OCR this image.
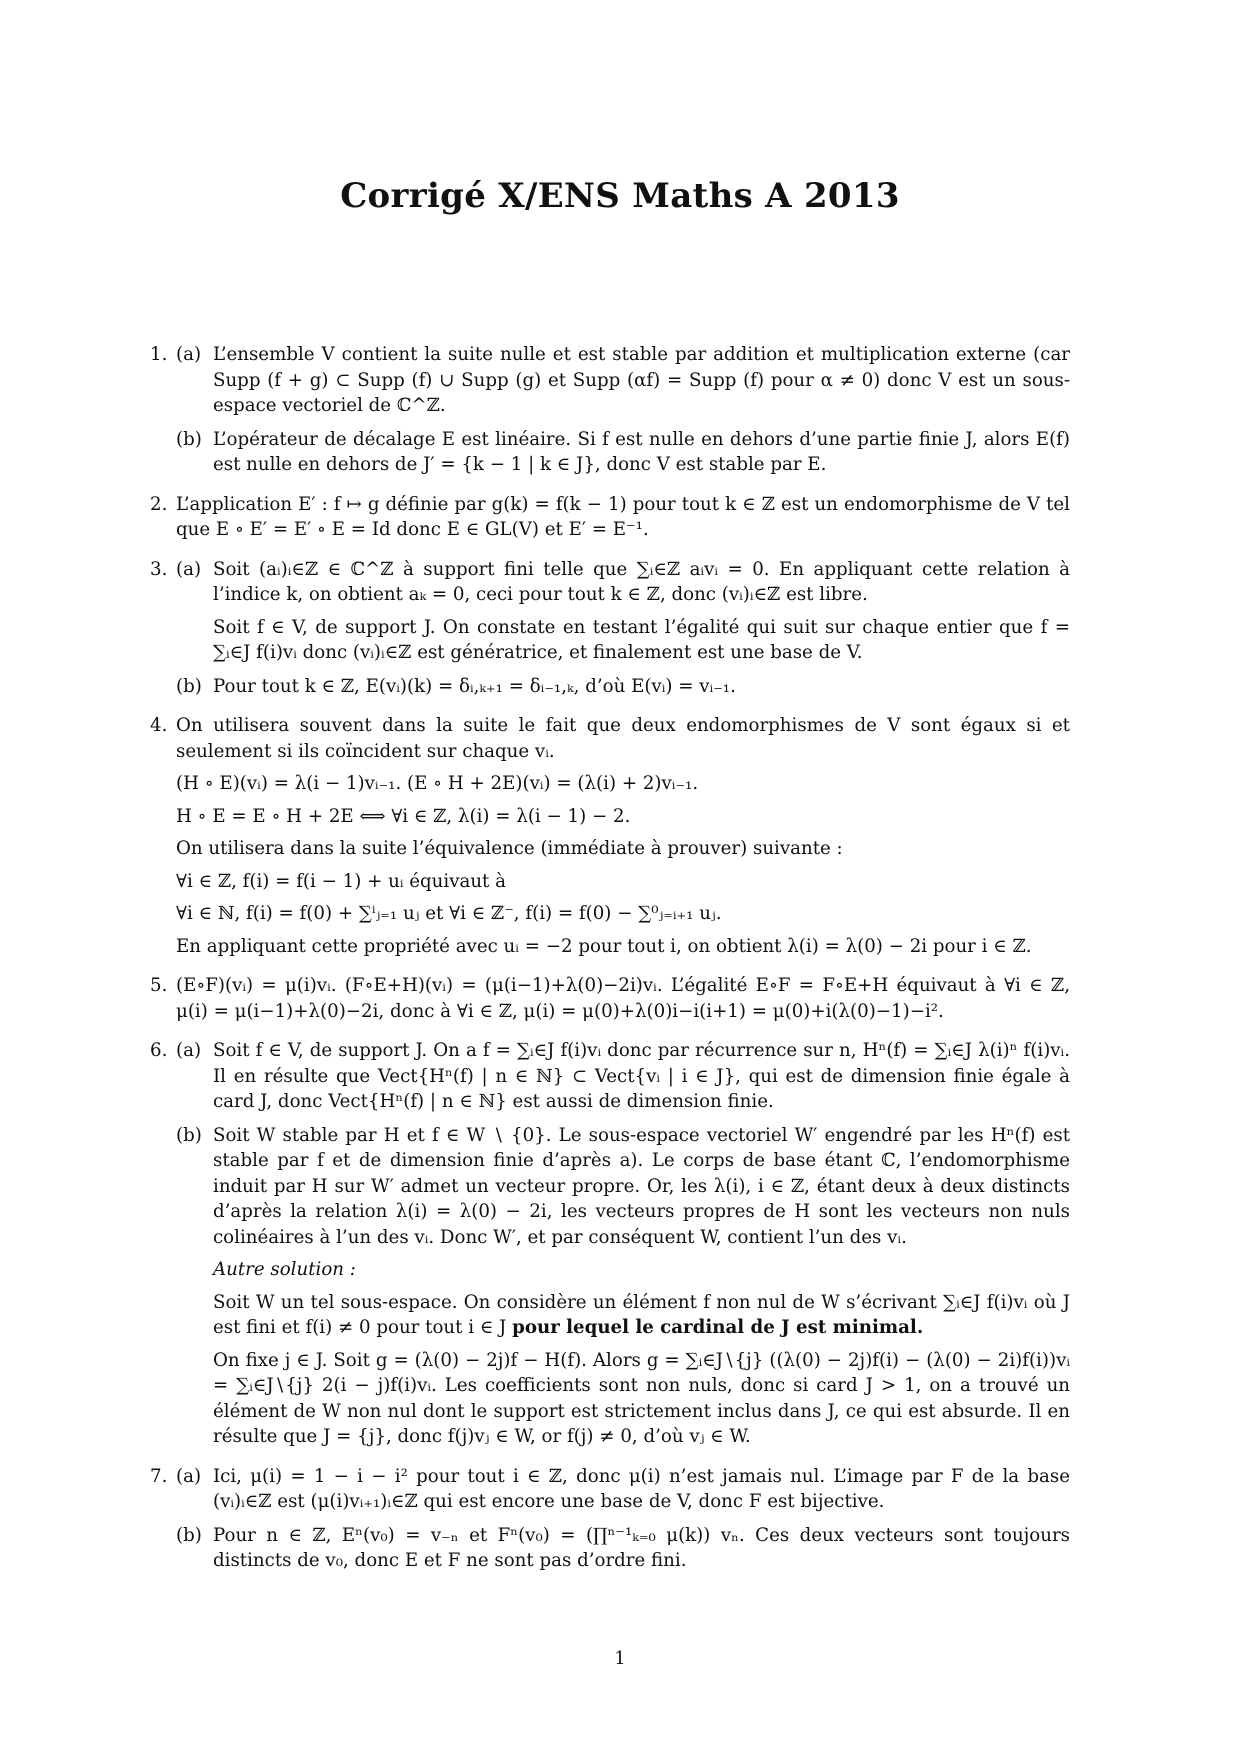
Corrigé X/ENS Maths A 2013
1. (a) L’ensemble V contient la suite nulle et est stable par addition et multiplication externe (car Supp (f + g) ⊂ Supp (f) ∪ Supp (g) et Supp (αf) = Supp (f) pour α ≠ 0) donc V est un sous-espace vectoriel de ℂ^ℤ.

(b) L’opérateur de décalage E est linéaire. Si f est nulle en dehors d’une partie finie J, alors E(f) est nulle en dehors de J′ = {k − 1 | k ∈ J}, donc V est stable par E.

2. L’application E′ : f ↦ g définie par g(k) = f(k − 1) pour tout k ∈ ℤ est un endomorphisme de V tel que E ∘ E′ = E′ ∘ E = Id donc E ∈ GL(V) et E′ = E⁻¹.

3. (a) Soit (aᵢ)ᵢ∈ℤ ∈ ℂ^ℤ à support fini telle que ∑ᵢ∈ℤ aᵢvᵢ = 0. En appliquant cette relation à l’indice k, on obtient aₖ = 0, ceci pour tout k ∈ ℤ, donc (vᵢ)ᵢ∈ℤ est libre.

Soit f ∈ V, de support J. On constate en testant l’égalité qui suit sur chaque entier que f = ∑ᵢ∈J f(i)vᵢ donc (vᵢ)ᵢ∈ℤ est génératrice, et finalement est une base de V.

(b) Pour tout k ∈ ℤ, E(vᵢ)(k) = δᵢ,ₖ₊₁ = δᵢ₋₁,ₖ, d’où E(vᵢ) = vᵢ₋₁.

4. On utilisera souvent dans la suite le fait que deux endomorphismes de V sont égaux si et seulement si ils coïncident sur chaque vᵢ.

(H ∘ E)(vᵢ) = λ(i − 1)vᵢ₋₁. (E ∘ H + 2E)(vᵢ) = (λ(i) + 2)vᵢ₋₁.

H ∘ E = E ∘ H + 2E ⟺ ∀i ∈ ℤ, λ(i) = λ(i − 1) − 2.

On utilisera dans la suite l’équivalence (immédiate à prouver) suivante :

∀i ∈ ℤ, f(i) = f(i − 1) + uᵢ équivaut à

∀i ∈ ℕ, f(i) = f(0) + ∑ⁱⱼ₌₁ uⱼ et ∀i ∈ ℤ⁻, f(i) = f(0) − ∑⁰ⱼ₌ᵢ₊₁ uⱼ.

En appliquant cette propriété avec uᵢ = −2 pour tout i, on obtient λ(i) = λ(0) − 2i pour i ∈ ℤ.

5. (E∘F)(vᵢ) = μ(i)vᵢ. (F∘E+H)(vᵢ) = (μ(i−1)+λ(0)−2i)vᵢ. L’égalité E∘F = F∘E+H équivaut à ∀i ∈ ℤ, μ(i) = μ(i−1)+λ(0)−2i, donc à ∀i ∈ ℤ, μ(i) = μ(0)+λ(0)i−i(i+1) = μ(0)+i(λ(0)−1)−i².

6. (a) Soit f ∈ V, de support J. On a f = ∑ᵢ∈J f(i)vᵢ donc par récurrence sur n, Hⁿ(f) = ∑ᵢ∈J λ(i)ⁿ f(i)vᵢ. Il en résulte que Vect{Hⁿ(f) | n ∈ ℕ} ⊂ Vect{vᵢ | i ∈ J}, qui est de dimension finie égale à card J, donc Vect{Hⁿ(f) | n ∈ ℕ} est aussi de dimension finie.

(b) Soit W stable par H et f ∈ W ∖ {0}. Le sous-espace vectoriel W′ engendré par les Hⁿ(f) est stable par f et de dimension finie d’après a). Le corps de base étant ℂ, l’endomorphisme induit par H sur W′ admet un vecteur propre. Or, les λ(i), i ∈ ℤ, étant deux à deux distincts d’après la relation λ(i) = λ(0) − 2i, les vecteurs propres de H sont les vecteurs non nuls colinéaires à l’un des vᵢ. Donc W′, et par conséquent W, contient l’un des vᵢ.

Autre solution :

Soit W un tel sous-espace. On considère un élément f non nul de W s’écrivant ∑ᵢ∈J f(i)vᵢ où J est fini et f(i) ≠ 0 pour tout i ∈ J pour lequel le cardinal de J est minimal.

On fixe j ∈ J. Soit g = (λ(0) − 2j)f − H(f). Alors g = ∑ᵢ∈J∖{j} ((λ(0) − 2j)f(i) − (λ(0) − 2i)f(i))vᵢ = ∑ᵢ∈J∖{j} 2(i − j)f(i)vᵢ. Les coefficients sont non nuls, donc si card J > 1, on a trouvé un élément de W non nul dont le support est strictement inclus dans J, ce qui est absurde. Il en résulte que J = {j}, donc f(j)vⱼ ∈ W, or f(j) ≠ 0, d’où vⱼ ∈ W.

7. (a) Ici, μ(i) = 1 − i − i² pour tout i ∈ ℤ, donc μ(i) n’est jamais nul. L’image par F de la base (vᵢ)ᵢ∈ℤ est (μ(i)vᵢ₊₁)ᵢ∈ℤ qui est encore une base de V, donc F est bijective.

(b) Pour n ∈ ℤ, Eⁿ(v₀) = v₋ₙ et Fⁿ(v₀) = (∏ⁿ⁻¹ₖ₌₀ μ(k)) vₙ. Ces deux vecteurs sont toujours distincts de v₀, donc E et F ne sont pas d’ordre fini.

1
